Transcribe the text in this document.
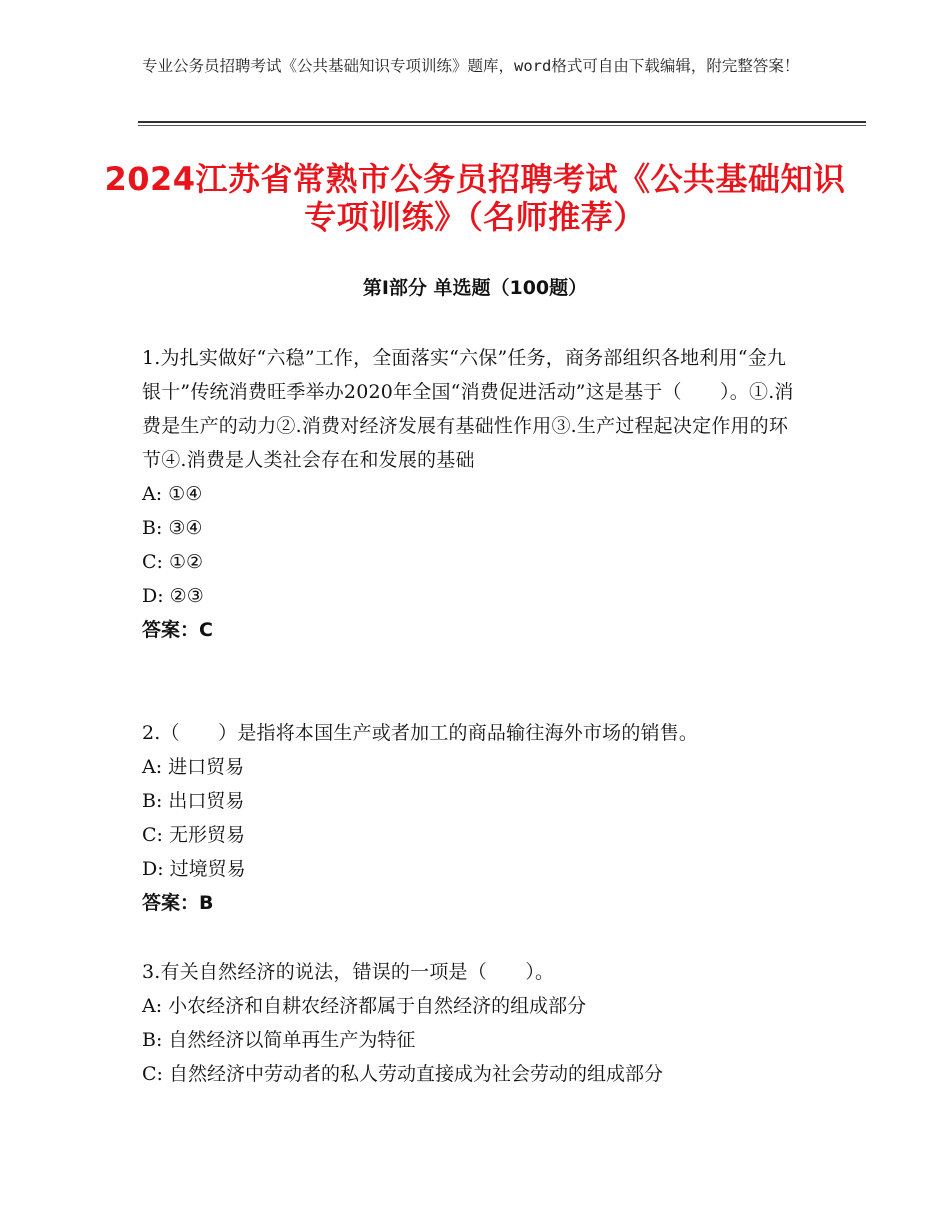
专业公务员招聘考试《公共基础知识专项训练》题库，word格式可自由下载编辑，附完整答案！
2024江苏省常熟市公务员招聘考试《公共基础知识专项训练》（名师推荐）
第Ⅰ部分 单选题（100题）

1.为扎实做好“六稳”工作，全面落实“六保”任务，商务部组织各地利用“金九银十”传统消费旺季举办2020年全国“消费促进活动”这是基于（　　）。①.消费是生产的动力②.消费对经济发展有基础性作用③.生产过程起决定作用的环节④.消费是人类社会存在和发展的基础

A: ①④

B: ③④

C: ①②

D: ②③

答案：C

2.（　　）是指将本国生产或者加工的商品输往海外市场的销售。

A: 进口贸易

B: 出口贸易

C: 无形贸易

D: 过境贸易

答案：B

3.有关自然经济的说法，错误的一项是（　　）。

A: 小农经济和自耕农经济都属于自然经济的组成部分

B: 自然经济以简单再生产为特征

C: 自然经济中劳动者的私人劳动直接成为社会劳动的组成部分
